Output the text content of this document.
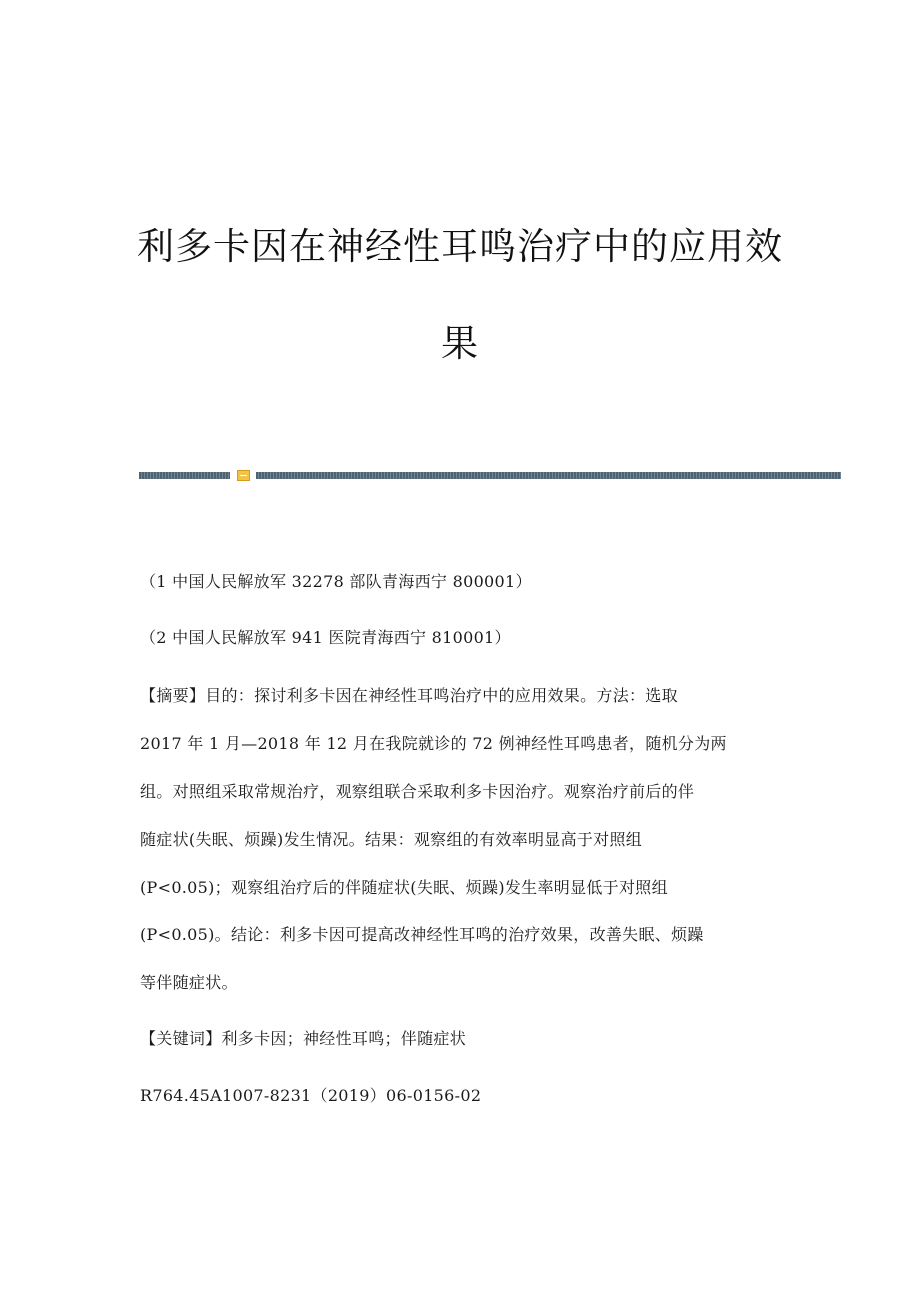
利多卡因在神经性耳鸣治疗中的应用效
果

（1 中国人民解放军 32278 部队青海西宁 800001）

（2 中国人民解放军 941 医院青海西宁 810001）

【摘要】目的：探讨利多卡因在神经性耳鸣治疗中的应用效果。方法：选取

2017 年 1 月—2018 年 12 月在我院就诊的 72 例神经性耳鸣患者，随机分为两

组。对照组采取常规治疗，观察组联合采取利多卡因治疗。观察治疗前后的伴

随症状(失眠、烦躁)发生情况。结果：观察组的有效率明显高于对照组

(P<0.05)；观察组治疗后的伴随症状(失眠、烦躁)发生率明显低于对照组

(P<0.05)。结论：利多卡因可提高改神经性耳鸣的治疗效果，改善失眠、烦躁

等伴随症状。

【关键词】利多卡因；神经性耳鸣；伴随症状

R764.45A1007-8231（2019）06-0156-02
